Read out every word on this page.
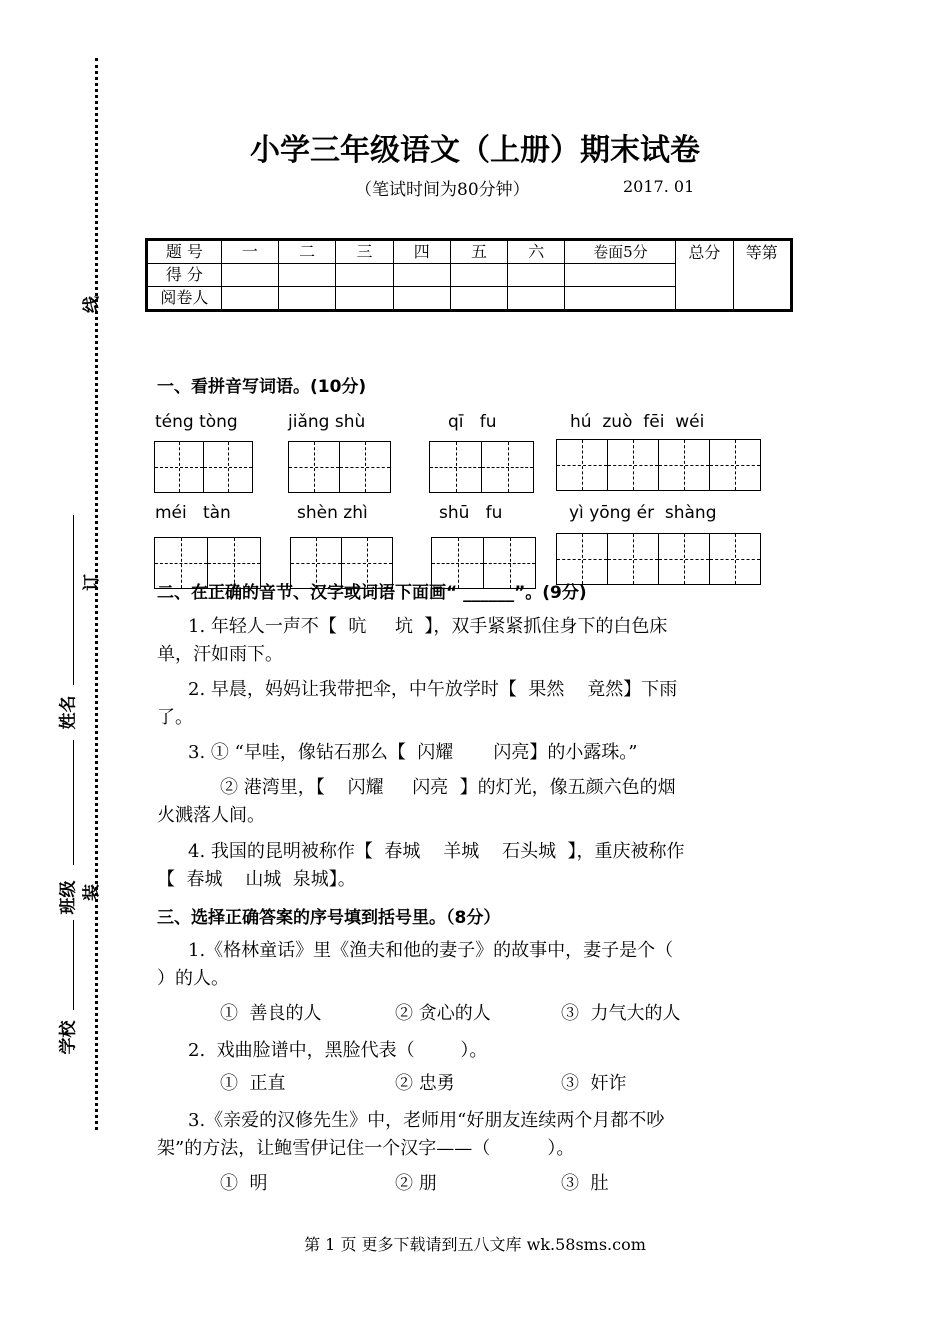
小学三年级语文（上册）期末试卷
（笔试时间为80分钟）	2017. 01
线
订
装
姓名
班级
学校
题 号	一	二	三	四	五	六	卷面5分	总分	等第

得 分									
阅卷人									
一、看拼音写词语。(10分)
téng tòng	jiǎng shù	qī   fu	hú  zuò  fēi  wéi
méi   tàn	shèn zhì	shū   fu	yì yōng ér  shàng
二、在正确的音节、汉字或词语下面画“ ______”。(9分)
1. 年轻人一声不【  吭     坑  】，双手紧紧抓住身下的白色床
单，汗如雨下。
2. 早晨，妈妈让我带把伞，中午放学时【  果然    竟然】下雨
了。
3. ① “早哇，像钻石那么【  闪耀       闪亮】的小露珠。”
② 港湾里，【    闪耀     闪亮  】的灯光，像五颜六色的烟
火溅落人间。
4. 我国的昆明被称作【  春城    羊城    石头城  】，重庆被称作
【  春城    山城  泉城】。
三、选择正确答案的序号填到括号里。（8分）
1.《格林童话》里《渔夫和他的妻子》的故事中，妻子是个（
）的人。
①  善良的人	② 贪心的人	③  力气大的人
2.  戏曲脸谱中，黑脸代表（        ）。
①  正直	② 忠勇	③  奸诈
3.《亲爱的汉修先生》中，老师用“好朋友连续两个月都不吵
架”的方法，让鲍雪伊记住一个汉字——（          ）。
①  明	② 朋	③  肚
第 1 页 更多下载请到五八文库 wk.58sms.com
